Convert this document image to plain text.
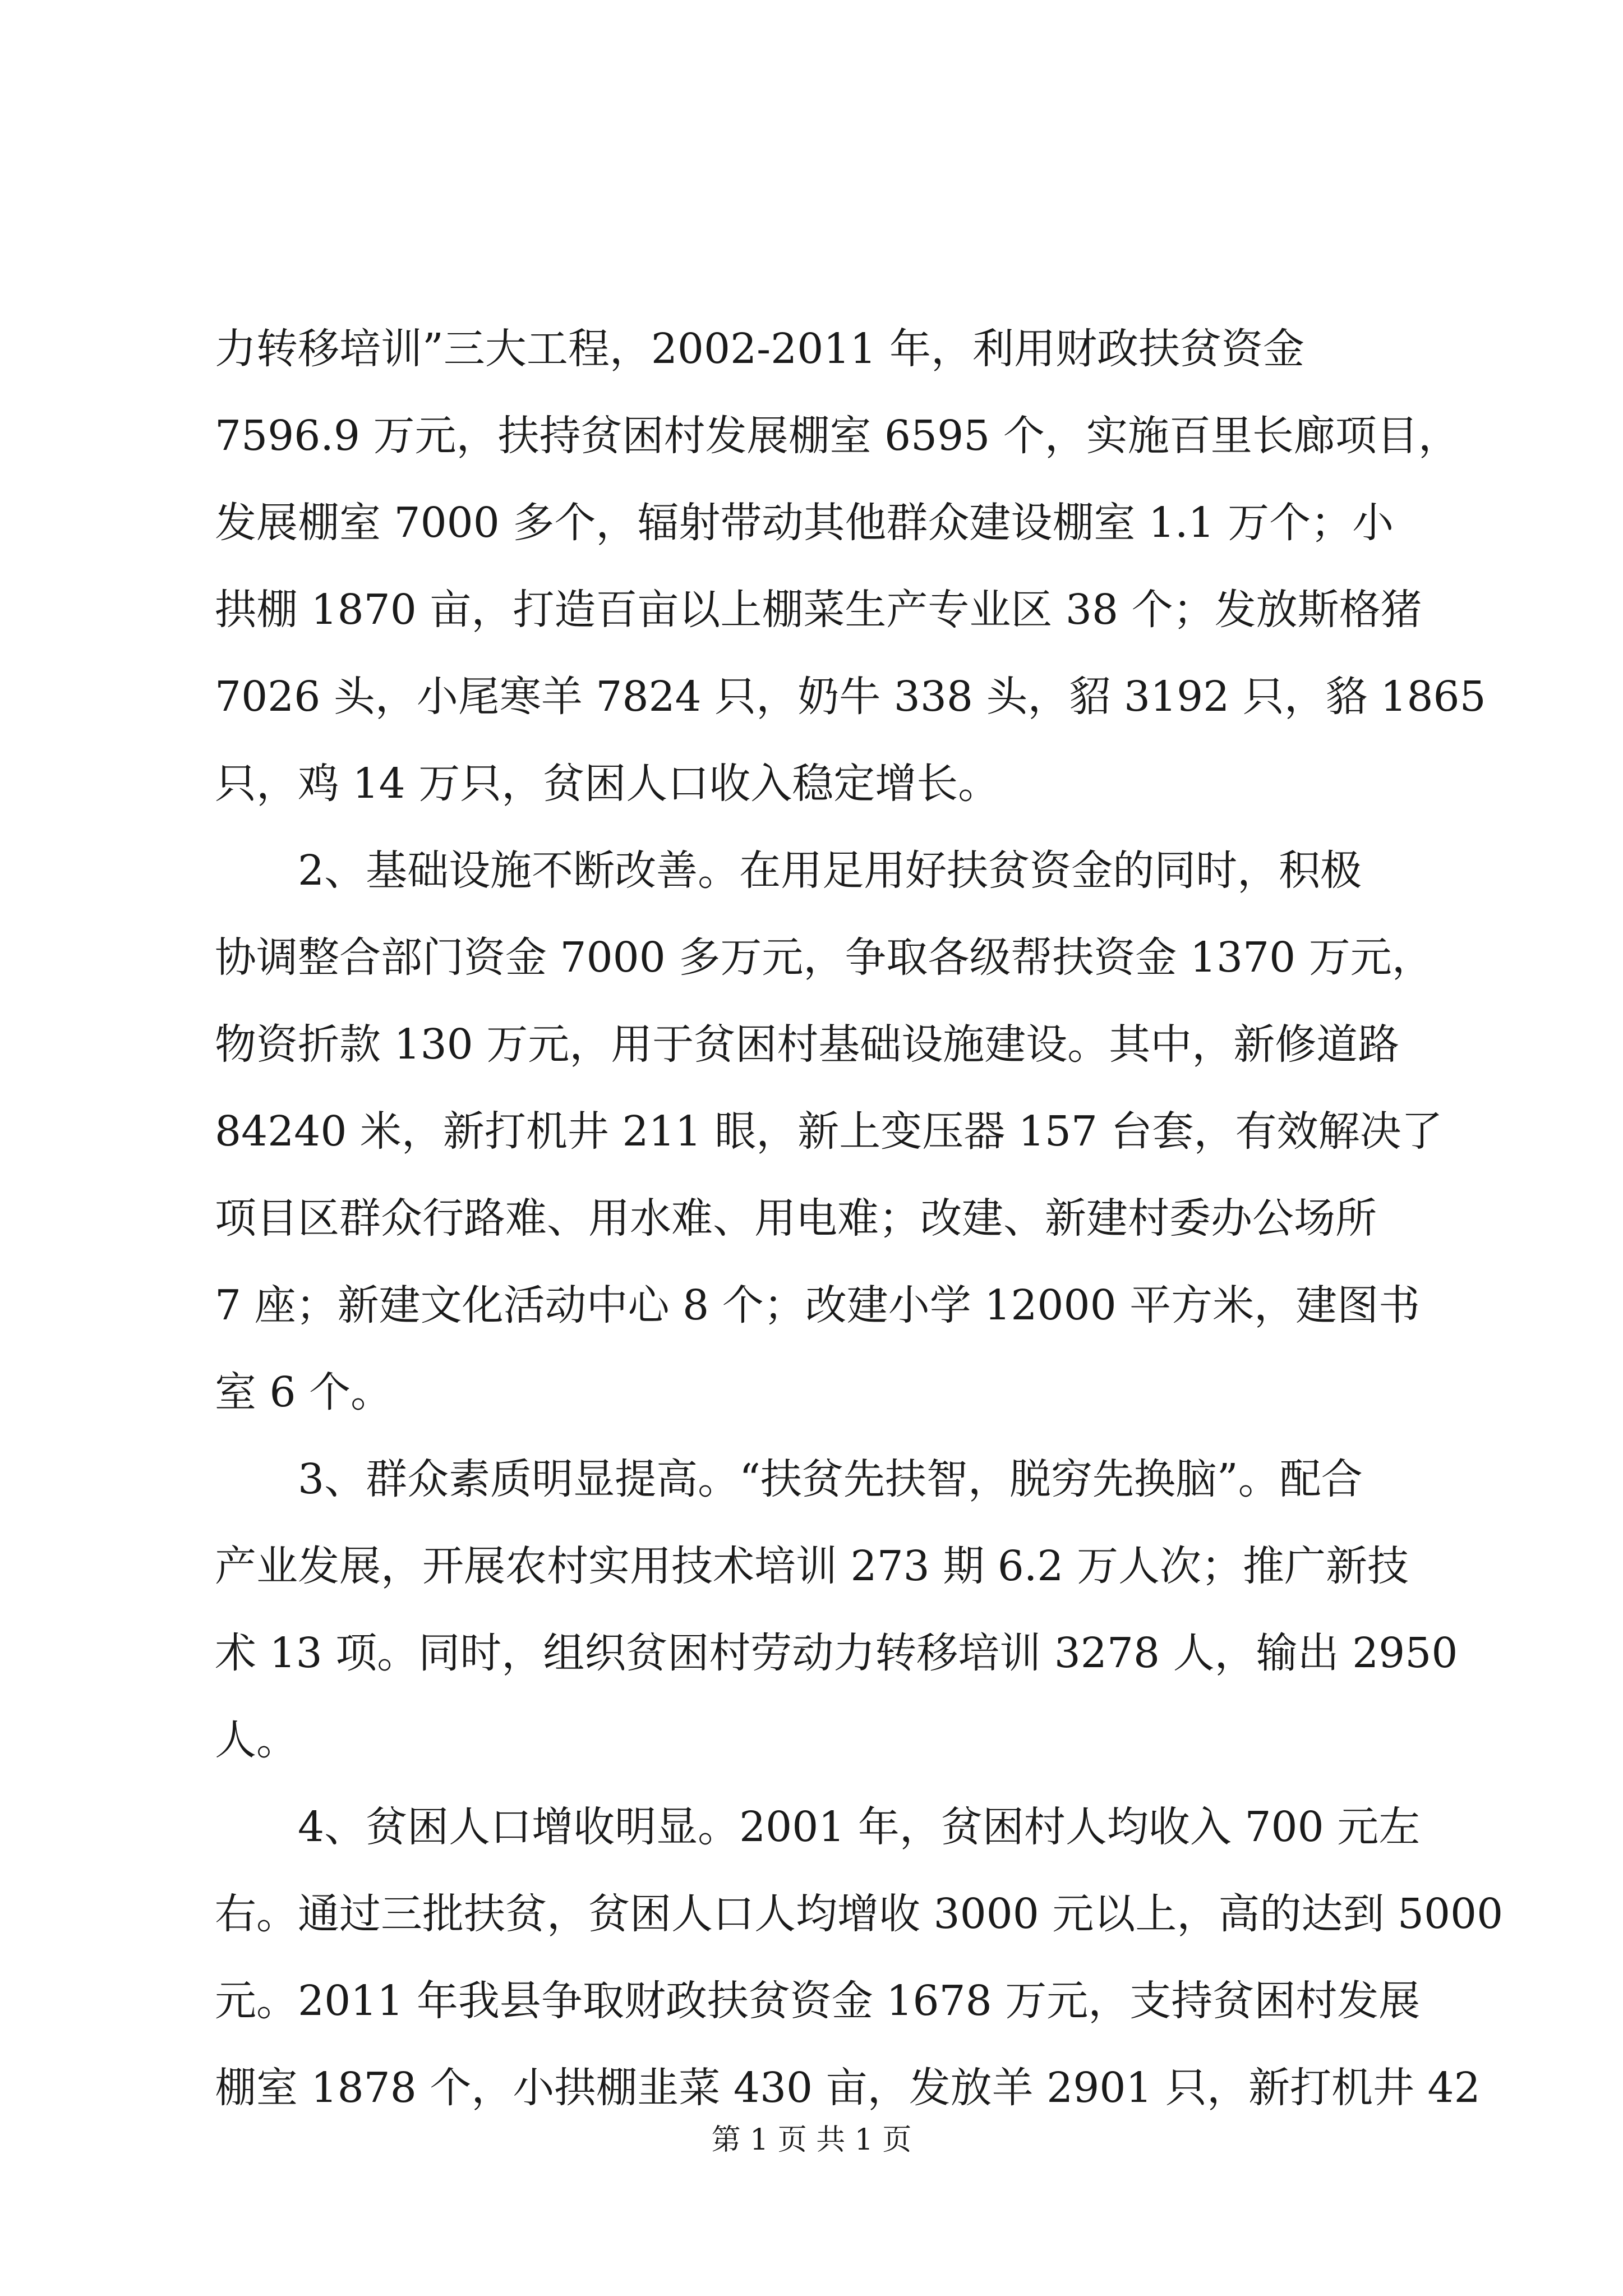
力转移培训”三大工程，2002-2011 年，利用财政扶贫资金
7596.9 万元，扶持贫困村发展棚室 6595 个，实施百里长廊项目，
发展棚室 7000 多个，辐射带动其他群众建设棚室 1.1 万个；小
拱棚 1870 亩，打造百亩以上棚菜生产专业区 38 个；发放斯格猪
7026 头，小尾寒羊 7824 只，奶牛 338 头，貂 3192 只，貉 1865
只，鸡 14 万只，贫困人口收入稳定增长。
2、基础设施不断改善。在用足用好扶贫资金的同时，积极
协调整合部门资金 7000 多万元，争取各级帮扶资金 1370 万元，
物资折款 130 万元，用于贫困村基础设施建设。其中，新修道路
84240 米，新打机井 211 眼，新上变压器 157 台套，有效解决了
项目区群众行路难、用水难、用电难；改建、新建村委办公场所
7 座；新建文化活动中心 8 个；改建小学 12000 平方米，建图书
室 6 个。
3、群众素质明显提高。“扶贫先扶智，脱穷先换脑”。配合
产业发展，开展农村实用技术培训 273 期 6.2 万人次；推广新技
术 13 项。同时，组织贫困村劳动力转移培训 3278 人，输出 2950
人。
4、贫困人口增收明显。2001 年，贫困村人均收入 700 元左
右。通过三批扶贫，贫困人口人均增收 3000 元以上，高的达到 5000
元。2011 年我县争取财政扶贫资金 1678 万元，支持贫困村发展
棚室 1878 个，小拱棚韭菜 430 亩，发放羊 2901 只，新打机井 42
第 1 页 共 1 页
